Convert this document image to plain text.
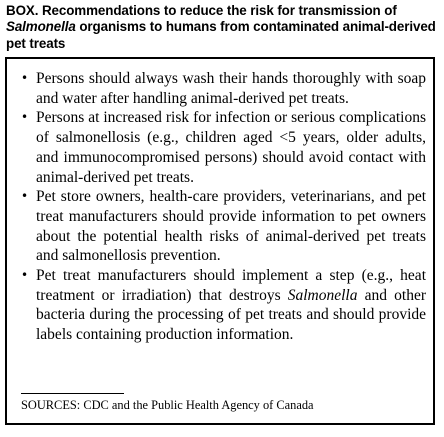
BOX. Recommendations to reduce the risk for transmission of Salmonella organisms to humans from contaminated animal-derived pet treats
• Persons should always wash their hands thoroughly with soap and water after handling animal-derived pet treats.
• Persons at increased risk for infection or serious complications of salmonellosis (e.g., children aged <5 years, older adults, and immunocompromised persons) should avoid contact with animal-derived pet treats.
• Pet store owners, health-care providers, veterinarians, and pet treat manufacturers should provide information to pet owners about the potential health risks of animal-derived pet treats and salmonellosis prevention.
• Pet treat manufacturers should implement a step (e.g., heat treatment or irradiation) that destroys Salmonella and other bacteria during the processing of pet treats and should provide labels containing production information.
SOURCES: CDC and the Public Health Agency of Canada
